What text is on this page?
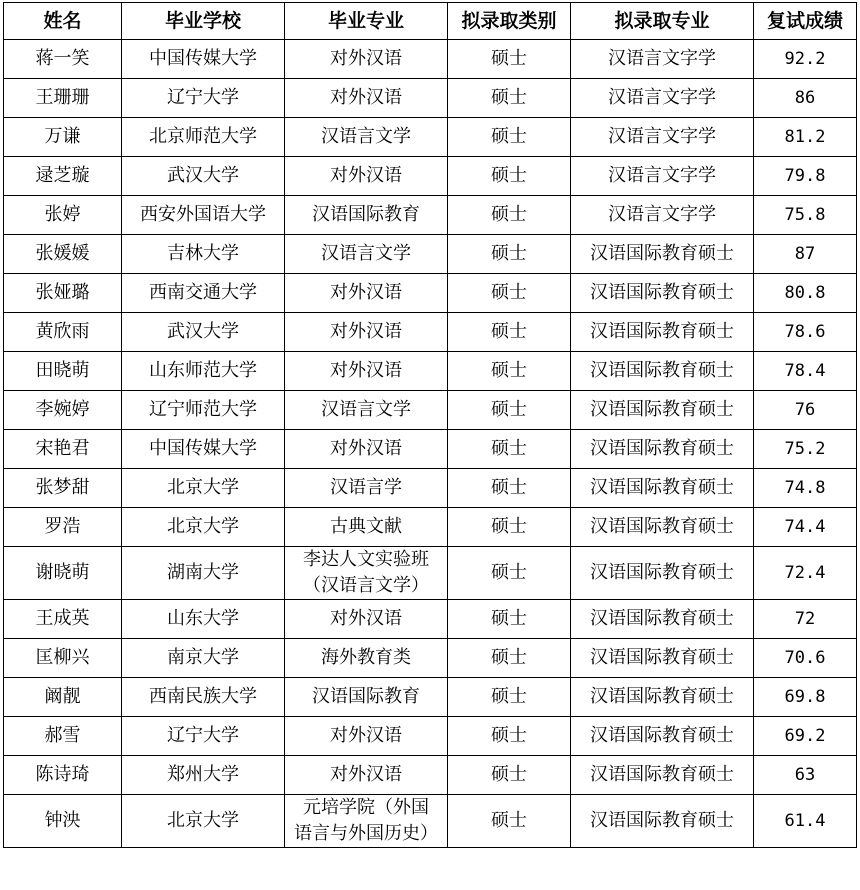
姓名	毕业学校	毕业专业	拟录取类别	拟录取专业	复试成绩
蒋一笑	中国传媒大学	对外汉语	硕士	汉语言文字学	92.2
王珊珊	辽宁大学	对外汉语	硕士	汉语言文字学	86
万谦	北京师范大学	汉语言文学	硕士	汉语言文字学	81.2
逯芝璇	武汉大学	对外汉语	硕士	汉语言文字学	79.8
张婷	西安外国语大学	汉语国际教育	硕士	汉语言文字学	75.8
张媛媛	吉林大学	汉语言文学	硕士	汉语国际教育硕士	87
张娅璐	西南交通大学	对外汉语	硕士	汉语国际教育硕士	80.8
黄欣雨	武汉大学	对外汉语	硕士	汉语国际教育硕士	78.6
田晓萌	山东师范大学	对外汉语	硕士	汉语国际教育硕士	78.4
李婉婷	辽宁师范大学	汉语言文学	硕士	汉语国际教育硕士	76
宋艳君	中国传媒大学	对外汉语	硕士	汉语国际教育硕士	75.2
张梦甜	北京大学	汉语言学	硕士	汉语国际教育硕士	74.8
罗浩	北京大学	古典文献	硕士	汉语国际教育硕士	74.4
谢晓萌	湖南大学	李达人文实验班
（汉语言文学）	硕士	汉语国际教育硕士	72.4
王成英	山东大学	对外汉语	硕士	汉语国际教育硕士	72
匡柳兴	南京大学	海外教育类	硕士	汉语国际教育硕士	70.6
阚靓	西南民族大学	汉语国际教育	硕士	汉语国际教育硕士	69.8
郝雪	辽宁大学	对外汉语	硕士	汉语国际教育硕士	69.2
陈诗琦	郑州大学	对外汉语	硕士	汉语国际教育硕士	63
钟泱	北京大学	元培学院（外国
语言与外国历史）	硕士	汉语国际教育硕士	61.4
